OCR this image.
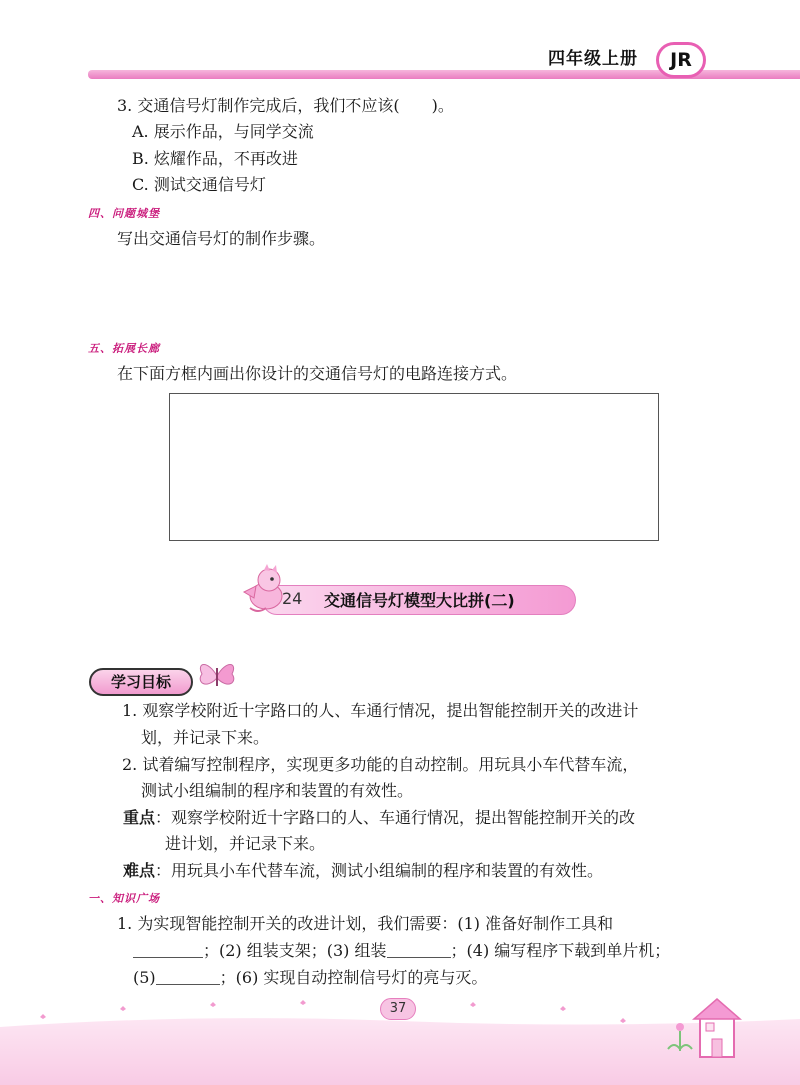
四年级上册	JR
3. 交通信号灯制作完成后，我们不应该(　　)。
A. 展示作品，与同学交流
B. 炫耀作品，不再改进
C. 测试交通信号灯
四、问题城堡
写出交通信号灯的制作步骤。
五、拓展长廊
在下面方框内画出你设计的交通信号灯的电路连接方式。
24 交通信号灯模型大比拼(二)
学习目标
1. 观察学校附近十字路口的人、车通行情况，提出智能控制开关的改进计
划，并记录下来。
2. 试着编写控制程序，实现更多功能的自动控制。用玩具小车代替车流，
测试小组编制的程序和装置的有效性。
重点：观察学校附近十字路口的人、车通行情况，提出智能控制开关的改
进计划，并记录下来。
难点：用玩具小车代替车流，测试小组编制的程序和装置的有效性。
一、知识广场
1. 为实现智能控制开关的改进计划，我们需要：(1) 准备好制作工具和
；(2) 组装支架；(3) 组装	；(4) 编写程序下载到单片机；
(5)	；(6) 实现自动控制信号灯的亮与灭。
37
